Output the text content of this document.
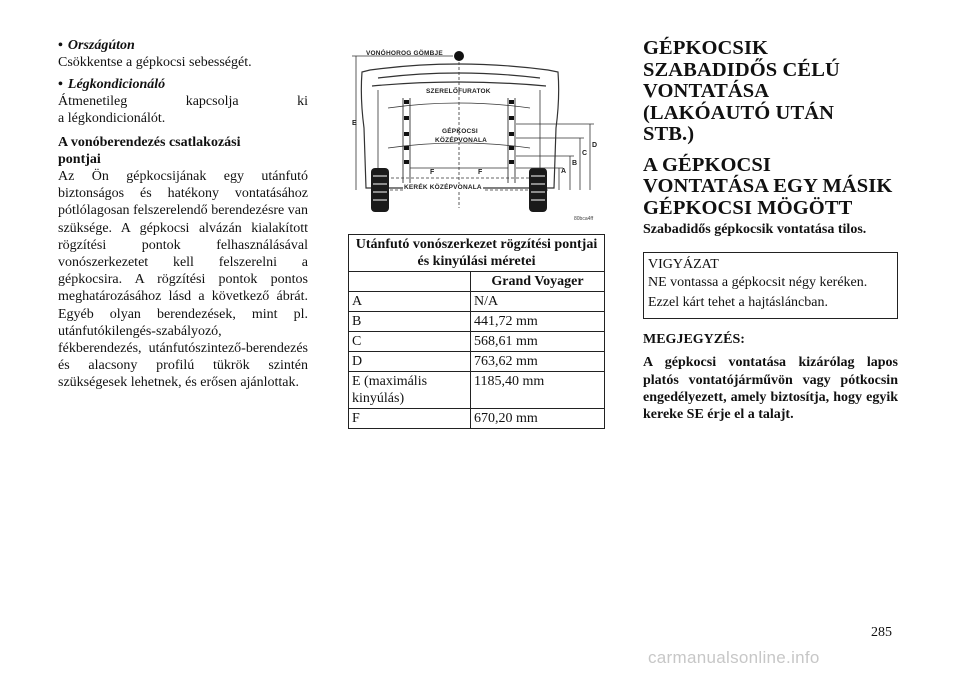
• Országúton

Csökkentse a gépkocsi sebességét.

• Légkondicionáló

Átmenetileg kapcsolja ki

a légkondicionálót.

A vonóberendezés csatlakozási pontjai

Az Ön gépkocsijának egy utánfutó biztonságos és hatékony vontatásához pótlólagosan felszerelendő berendezésre van szüksége. A gépkocsi alvázán kialakított rögzítési pontok felhasználásával vonószerkezetet kell felszerelni a gépkocsira. A rögzítési pontok pontos meghatározásához lásd a következő ábrát. Egyéb olyan berendezések, mint pl. utánfutókilengés-szabályozó, fékberendezés, utánfutószintező-berendezés és alacsony profilú tükrök szintén szükségesek lehetnek, és erősen ajánlottak.

VONÓHOROG GÖMBJE
SZERELŐFURATOK
GÉPKOCSI
KÖZÉPVONALA
KERÉK KÖZÉPVONALA
E
A
B
C
D
F	F
80bca4ff
Utánfutó vonószerkezet rögzítési pontjai és kinyúlási méretei	
	Grand Voyager
A	N/A
B	441,72 mm
C	568,61 mm
D	763,62 mm
E (maximális kinyúlás)	1185,40 mm
F	670,20 mm
GÉPKOCSIK SZABADIDŐS CÉLÚ VONTATÁSA (LAKÓAUTÓ UTÁN STB.)
A GÉPKOCSI VONTATÁSA EGY MÁSIK GÉPKOCSI MÖGÖTT
Szabadidős gépkocsik vontatása tilos.
VIGYÁZAT
NE vontassa a gépkocsit négy keréken. Ezzel kárt tehet a hajtásláncban.
MEGJEGYZÉS:

A gépkocsi vontatása kizárólag lapos platós vontatójárművön vagy pótkocsin engedélyezett, amely biztosítja, hogy egyik kereke SE érje el a talajt.

285
carmanualsonline.info
